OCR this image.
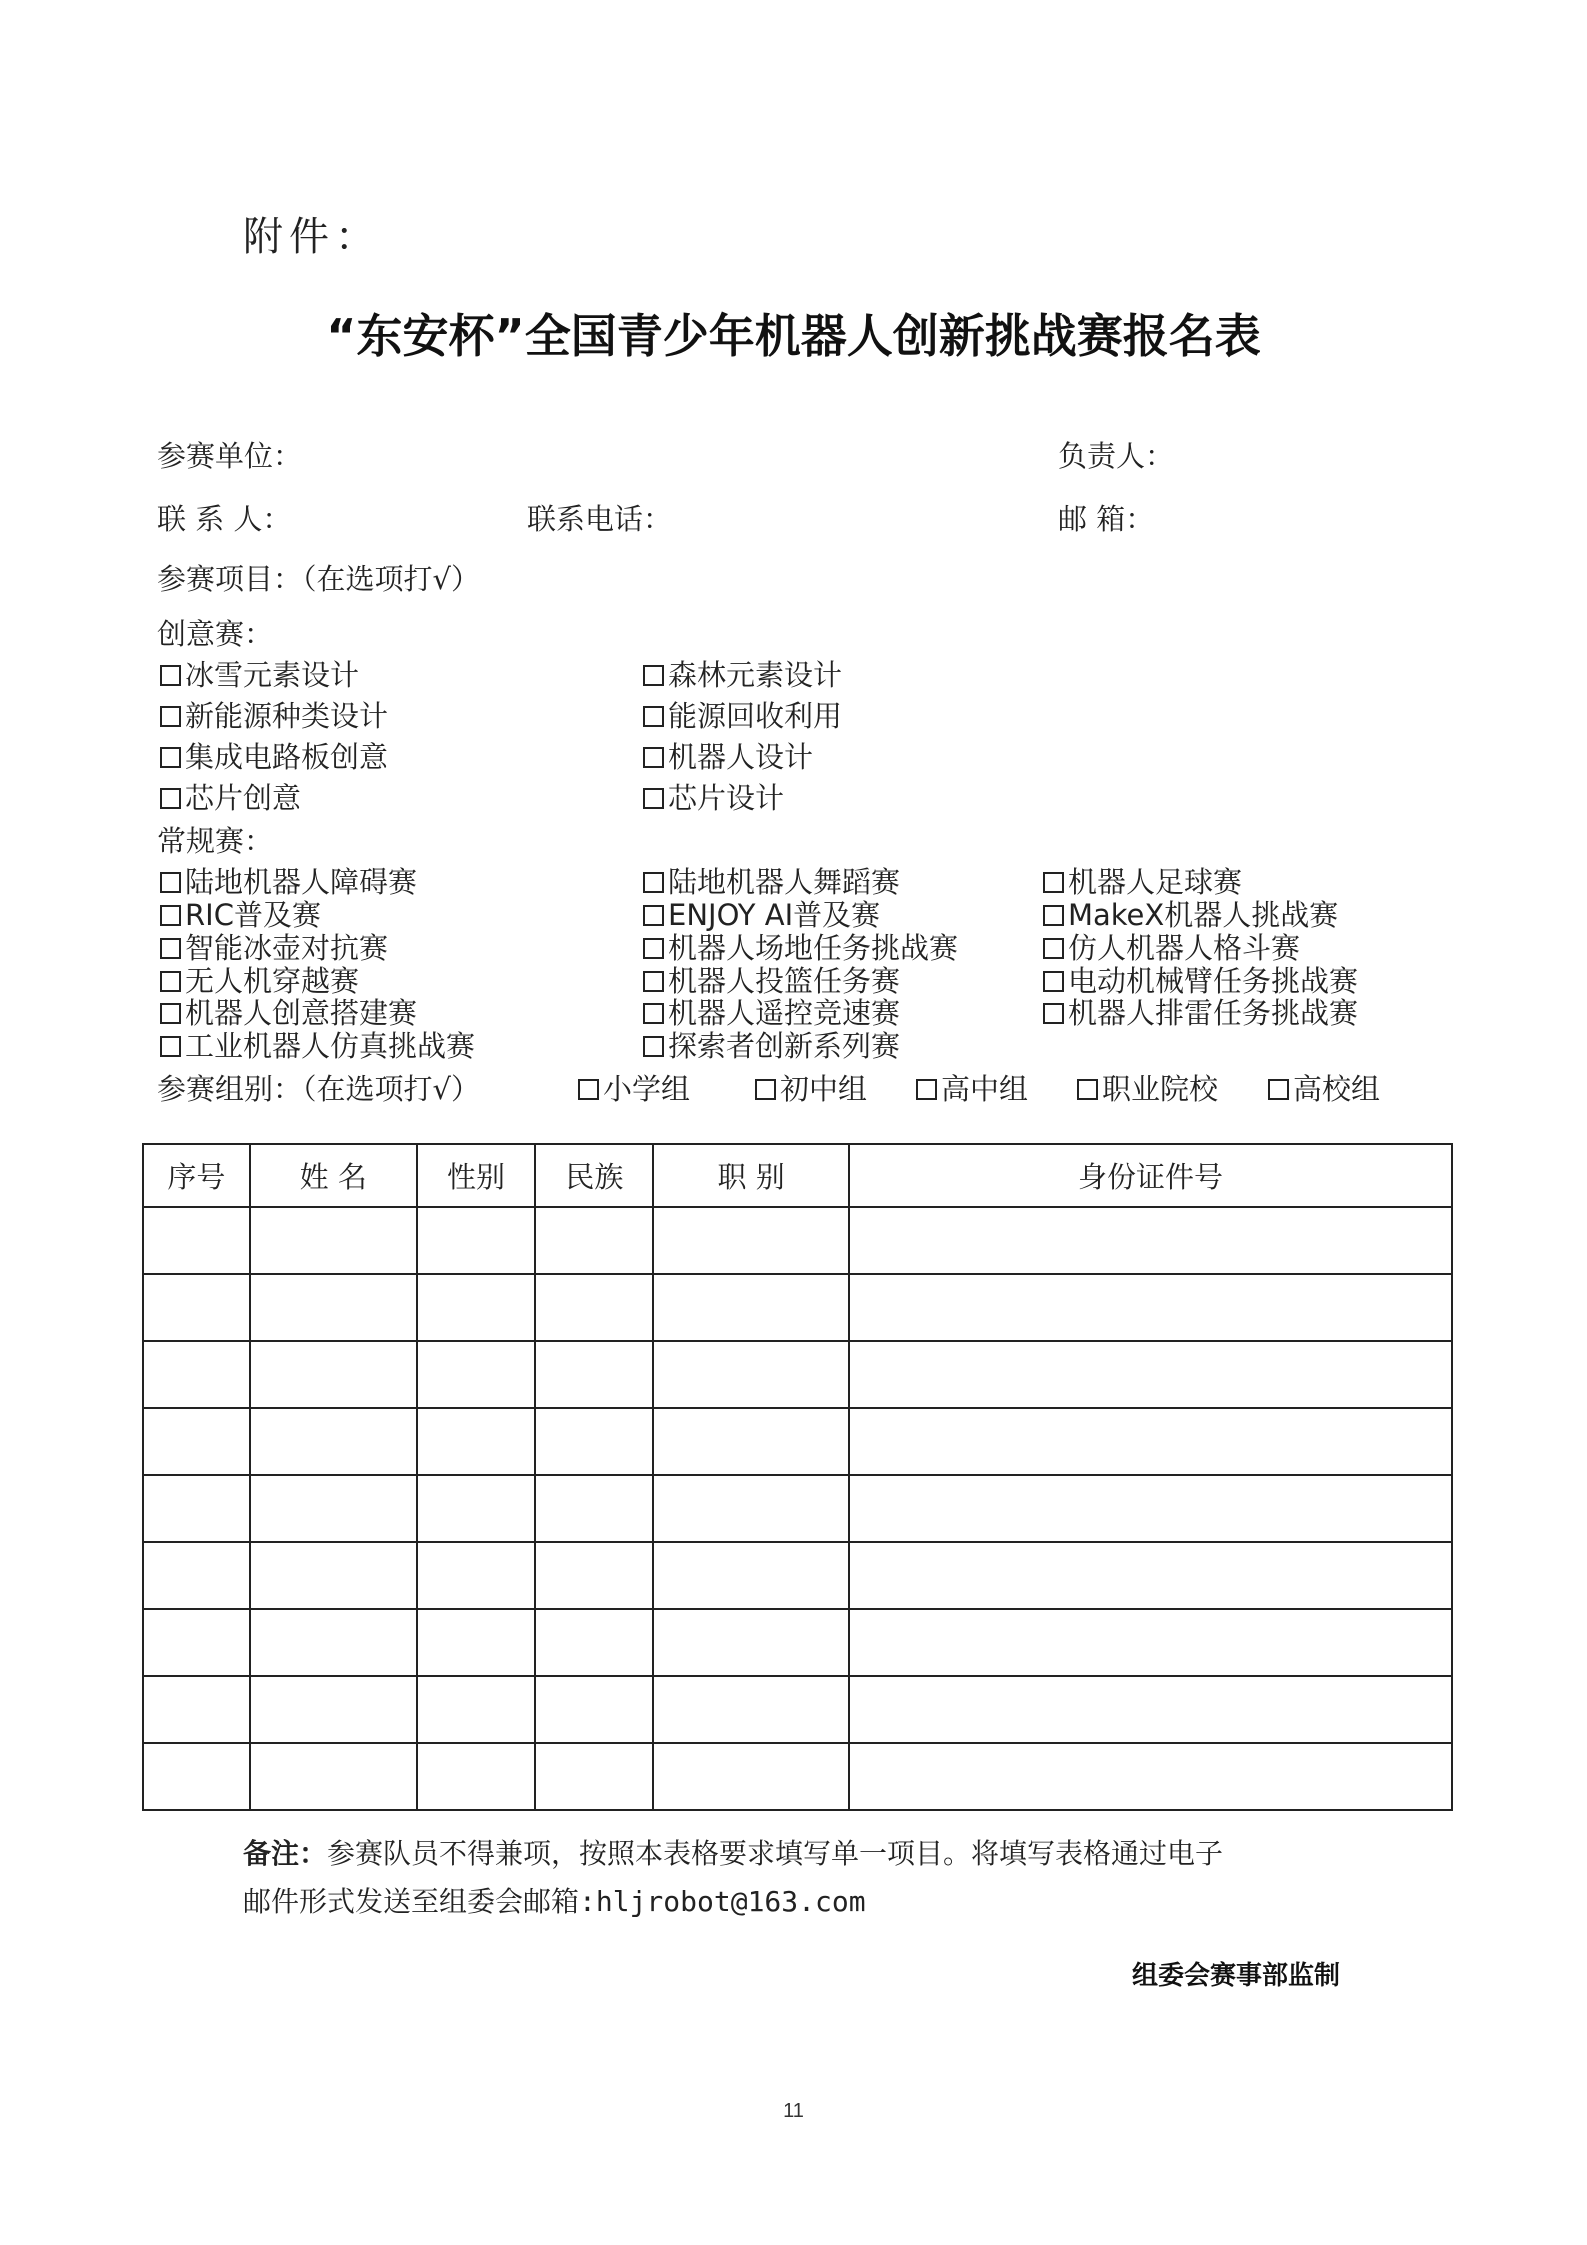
附件：
“东安杯”全国青少年机器人创新挑战赛报名表
参赛单位：	负责人：
联 系 人：	联系电话：	邮 箱：
参赛项目：（在选项打√）
创意赛：
冰雪元素设计	森林元素设计
新能源种类设计	能源回收利用
集成电路板创意	机器人设计
芯片创意	芯片设计
常规赛：
陆地机器人障碍赛	陆地机器人舞蹈赛	机器人足球赛
RIC普及赛	ENJOY AI普及赛	MakeX机器人挑战赛
智能冰壶对抗赛	机器人场地任务挑战赛	仿人机器人格斗赛
无人机穿越赛	机器人投篮任务赛	电动机械臂任务挑战赛
机器人创意搭建赛	机器人遥控竞速赛	机器人排雷任务挑战赛
工业机器人仿真挑战赛	探索者创新系列赛
参赛组别：（在选项打√）	小学组	初中组	高中组	职业院校	高校组
序号	姓 名	性别	民族	职 别	身份证件号

备注：参赛队员不得兼项，按照本表格要求填写单一项目。将填写表格通过电子
邮件形式发送至组委会邮箱:hljrobot@163.com
组委会赛事部监制
11
